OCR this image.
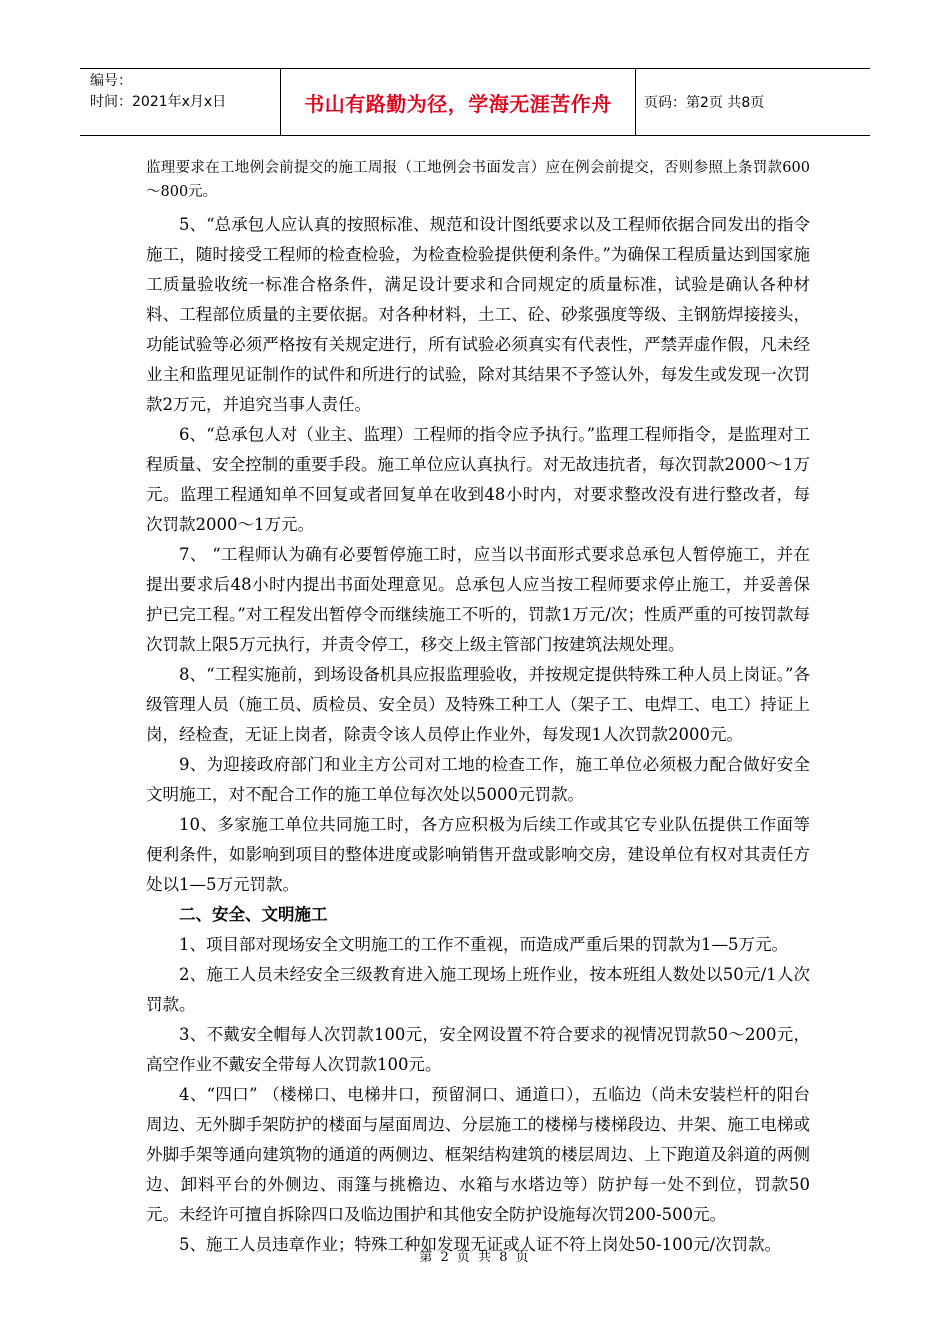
编号：
时间：2021年x月x日	书山有路勤为径，学海无涯苦作舟	页码：第2页 共8页

监理要求在工地例会前提交的施工周报（工地例会书面发言）应在例会前提交，否则参照上条罚款600～800元。

5、“总承包人应认真的按照标准、规范和设计图纸要求以及工程师依据合同发出的指令施工，随时接受工程师的检查检验，为检查检验提供便利条件。”为确保工程质量达到国家施工质量验收统一标准合格条件，满足设计要求和合同规定的质量标准，试验是确认各种材料、工程部位质量的主要依据。对各种材料，土工、砼、砂浆强度等级、主钢筋焊接接头，功能试验等必须严格按有关规定进行，所有试验必须真实有代表性，严禁弄虚作假，凡未经业主和监理见证制作的试件和所进行的试验，除对其结果不予签认外，每发生或发现一次罚款2万元，并追究当事人责任。

6、“总承包人对（业主、监理）工程师的指令应予执行。”监理工程师指令，是监理对工程质量、安全控制的重要手段。施工单位应认真执行。对无故违抗者，每次罚款2000～1万元。监理工程通知单不回复或者回复单在收到48小时内，对要求整改没有进行整改者，每次罚款2000～1万元。

7、 “工程师认为确有必要暂停施工时，应当以书面形式要求总承包人暂停施工，并在提出要求后48小时内提出书面处理意见。总承包人应当按工程师要求停止施工，并妥善保护已完工程。”对工程发出暂停令而继续施工不听的，罚款1万元/次；性质严重的可按罚款每次罚款上限5万元执行，并责令停工，移交上级主管部门按建筑法规处理。

8、“工程实施前，到场设备机具应报监理验收，并按规定提供特殊工种人员上岗证。”各级管理人员（施工员、质检员、安全员）及特殊工种工人（架子工、电焊工、电工）持证上岗，经检查，无证上岗者，除责令该人员停止作业外，每发现1人次罚款2000元。

9、为迎接政府部门和业主方公司对工地的检查工作，施工单位必须极力配合做好安全文明施工，对不配合工作的施工单位每次处以5000元罚款。

10、多家施工单位共同施工时，各方应积极为后续工作或其它专业队伍提供工作面等便利条件，如影响到项目的整体进度或影响销售开盘或影响交房，建设单位有权对其责任方处以1—5万元罚款。

二、安全、文明施工

1、项目部对现场安全文明施工的工作不重视，而造成严重后果的罚款为1—5万元。

2、施工人员未经安全三级教育进入施工现场上班作业，按本班组人数处以50元/1人次罚款。

3、不戴安全帽每人次罚款100元，安全网设置不符合要求的视情况罚款50～200元，高空作业不戴安全带每人次罚款100元。

4、“四口” （楼梯口、电梯井口，预留洞口、通道口），五临边（尚未安装栏杆的阳台周边、无外脚手架防护的楼面与屋面周边、分层施工的楼梯与楼梯段边、井架、施工电梯或外脚手架等通向建筑物的通道的两侧边、框架结构建筑的楼层周边、上下跑道及斜道的两侧边、卸料平台的外侧边、雨篷与挑檐边、水箱与水塔边等）防护每一处不到位，罚款50元。未经许可擅自拆除四口及临边围护和其他安全防护设施每次罚200-500元。

5、施工人员违章作业；特殊工种如发现无证或人证不符上岗处50-100元/次罚款。

第 2 页 共 8 页
